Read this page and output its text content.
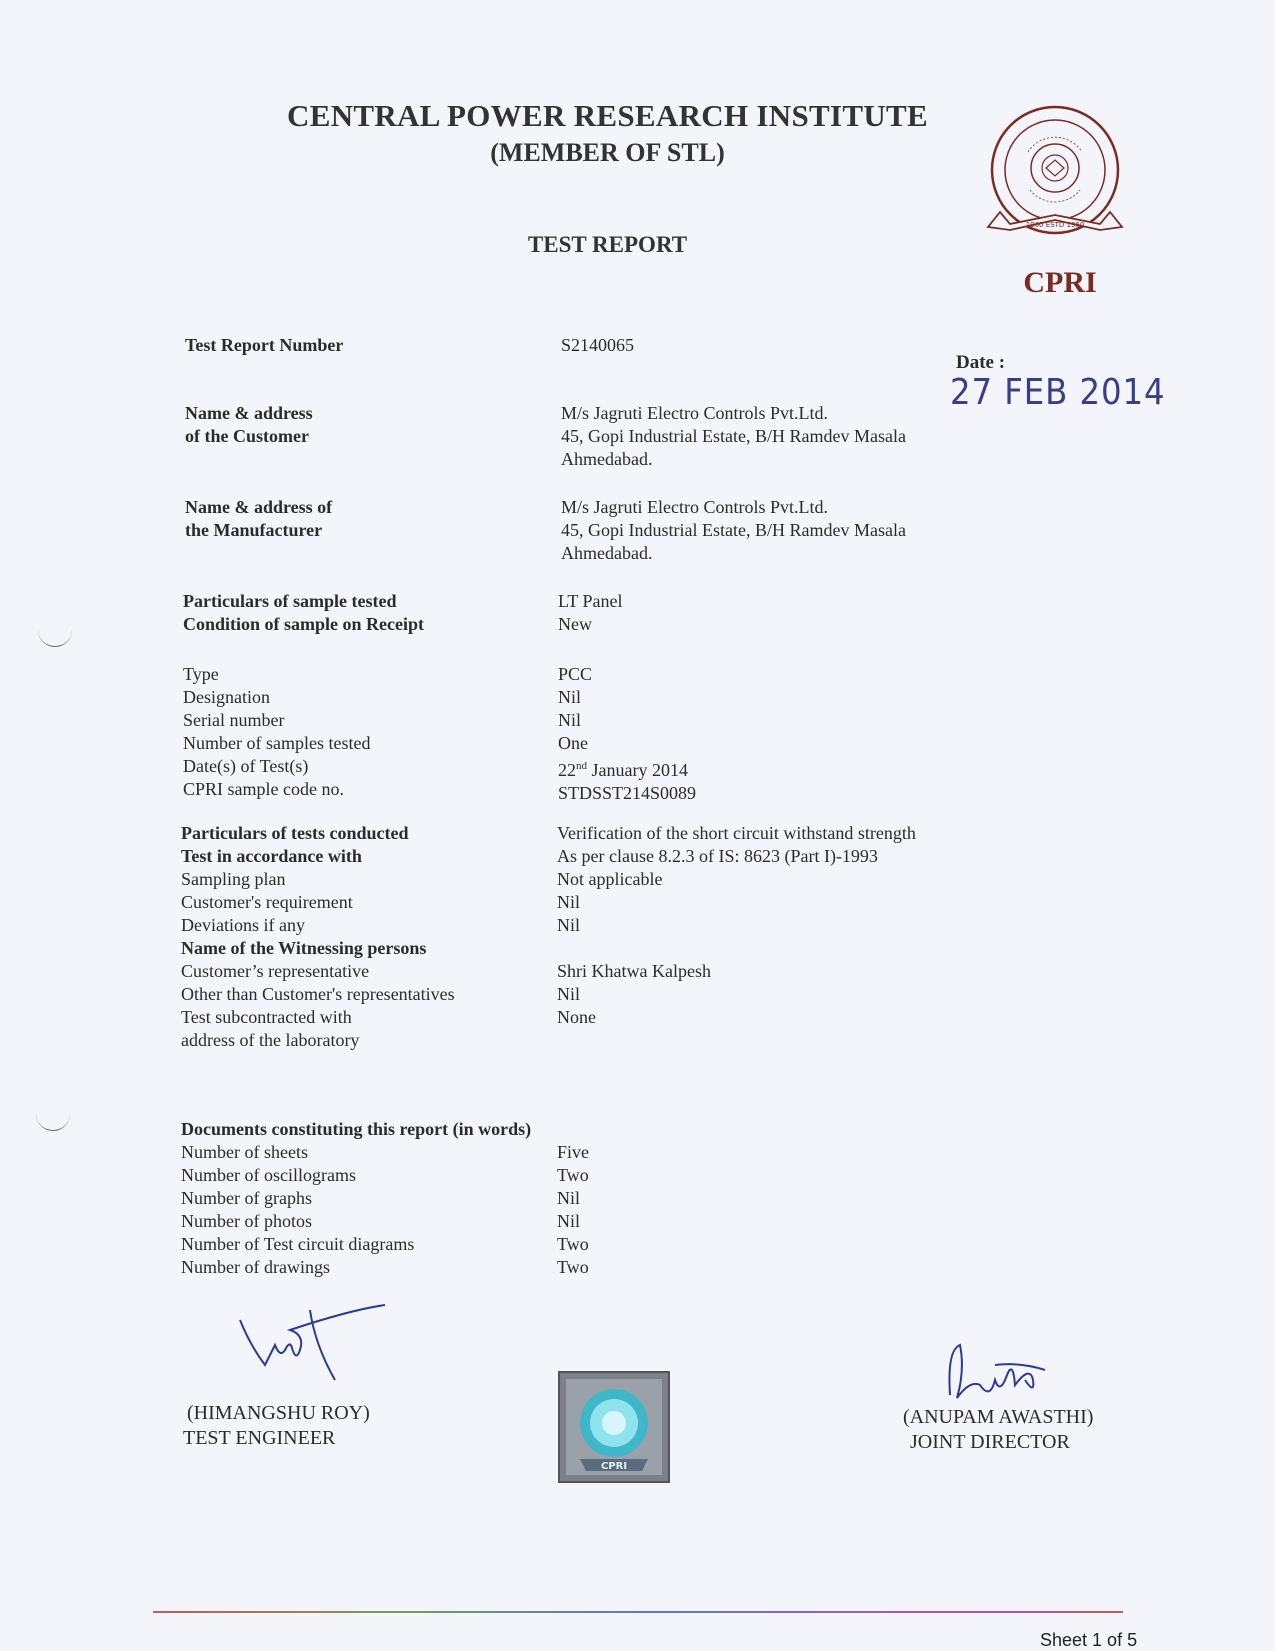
CENTRAL POWER RESEARCH INSTITUTE
(MEMBER OF STL)
TEST REPORT
1960 ESTD 1960
CPRI
Test Report Number	S2140065
Date :
27 FEB 2014
Name & address
of the Customer
M/s Jagruti Electro Controls Pvt.Ltd.
45, Gopi Industrial Estate, B/H Ramdev Masala
Ahmedabad.
Name & address of
the Manufacturer
M/s Jagruti Electro Controls Pvt.Ltd.
45, Gopi Industrial Estate, B/H Ramdev Masala
Ahmedabad.
Particulars of sample tested
Condition of sample on Receipt
LT Panel
New
Type
Designation
Serial number
Number of samples tested
Date(s) of Test(s)
CPRI sample code no.
PCC
Nil
Nil
One
22nd January 2014
STDSST214S0089
Particulars of tests conducted
Test in accordance with
Sampling plan
Customer's requirement
Deviations if any
Name of the Witnessing persons
Customer’s representative
Other than Customer's representatives
Test subcontracted with
address of the laboratory
Verification of the short circuit withstand strength
As per clause 8.2.3 of IS: 8623 (Part I)-1993
Not applicable
Nil
Nil

Shri Khatwa Kalpesh
Nil
None
Documents constituting this report (in words)
Number of sheets
Number of oscillograms
Number of graphs
Number of photos
Number of Test circuit diagrams
Number of drawings
Five
Two
Nil
Nil
Two
Two
(HIMANGSHU ROY)
TEST ENGINEER
CPRI
(ANUPAM AWASTHI)
JOINT DIRECTOR
Sheet 1 of 5
